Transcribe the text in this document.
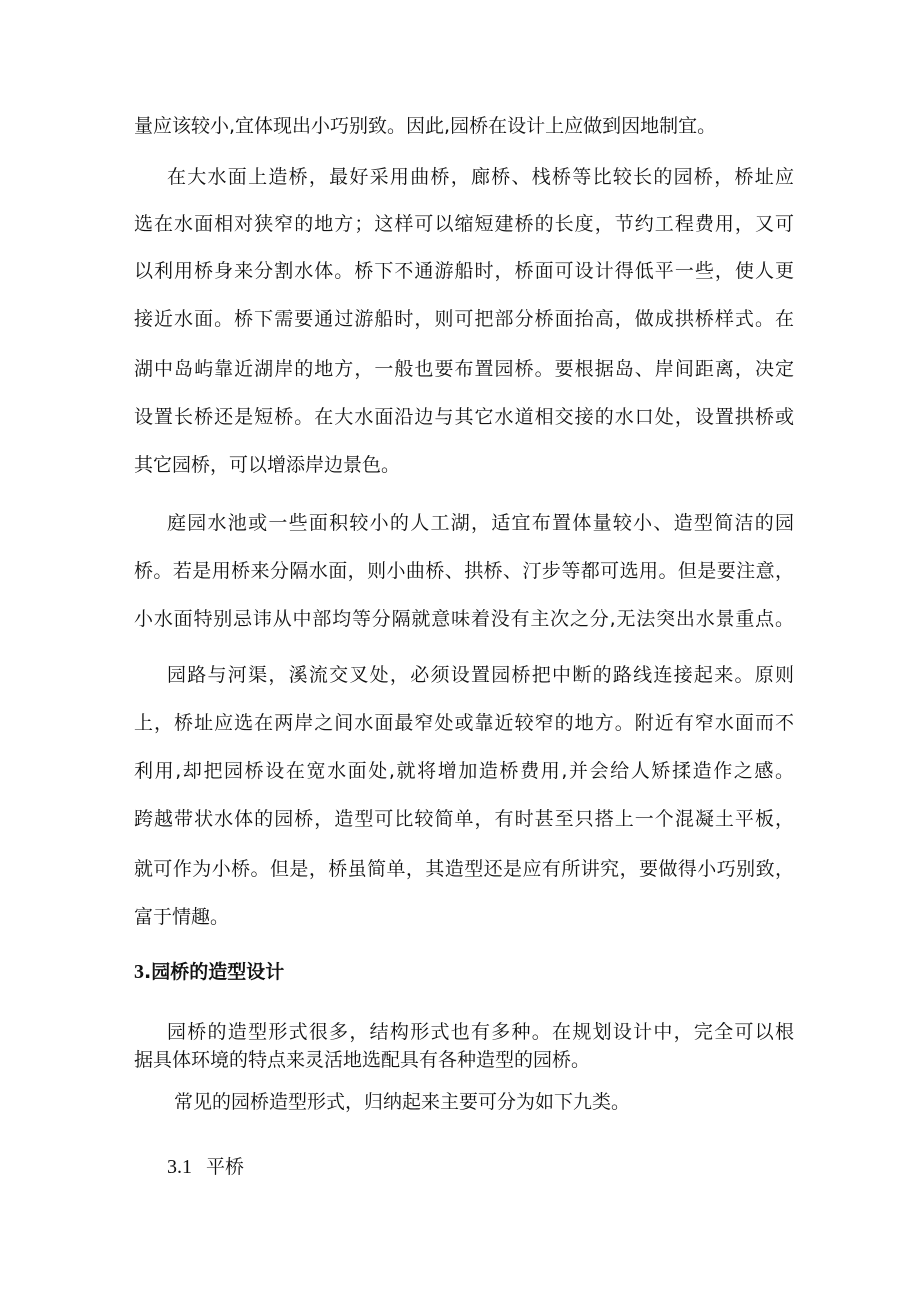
量应该较小,宜体现出小巧别致。因此,园桥在设计上应做到因地制宜。
在大水面上造桥，最好采用曲桥，廊桥、栈桥等比较长的园桥，桥址应
选在水面相对狭窄的地方；这样可以缩短建桥的长度，节约工程费用，又可
以利用桥身来分割水体。桥下不通游船时，桥面可设计得低平一些，使人更
接近水面。桥下需要通过游船时，则可把部分桥面抬高，做成拱桥样式。在
湖中岛屿靠近湖岸的地方，一般也要布置园桥。要根据岛、岸间距离，决定
设置长桥还是短桥。在大水面沿边与其它水道相交接的水口处，设置拱桥或
其它园桥，可以增添岸边景色。
庭园水池或一些面积较小的人工湖，适宜布置体量较小、造型简洁的园
桥。若是用桥来分隔水面，则小曲桥、拱桥、汀步等都可选用。但是要注意，
小水面特别忌讳从中部均等分隔就意味着没有主次之分,无法突出水景重点。
园路与河渠，溪流交叉处，必须设置园桥把中断的路线连接起来。原则
上，桥址应选在两岸之间水面最窄处或靠近较窄的地方。附近有窄水面而不
利用,却把园桥设在宽水面处,就将增加造桥费用,并会给人矫揉造作之感。
跨越带状水体的园桥，造型可比较简单，有时甚至只搭上一个混凝土平板，
就可作为小桥。但是，桥虽简单，其造型还是应有所讲究，要做得小巧别致，
富于情趣。
3.园桥的造型设计
园桥的造型形式很多，结构形式也有多种。在规划设计中，完全可以根
据具体环境的特点来灵活地选配具有各种造型的园桥。
常见的园桥造型形式，归纳起来主要可分为如下九类。
3.1 平桥
